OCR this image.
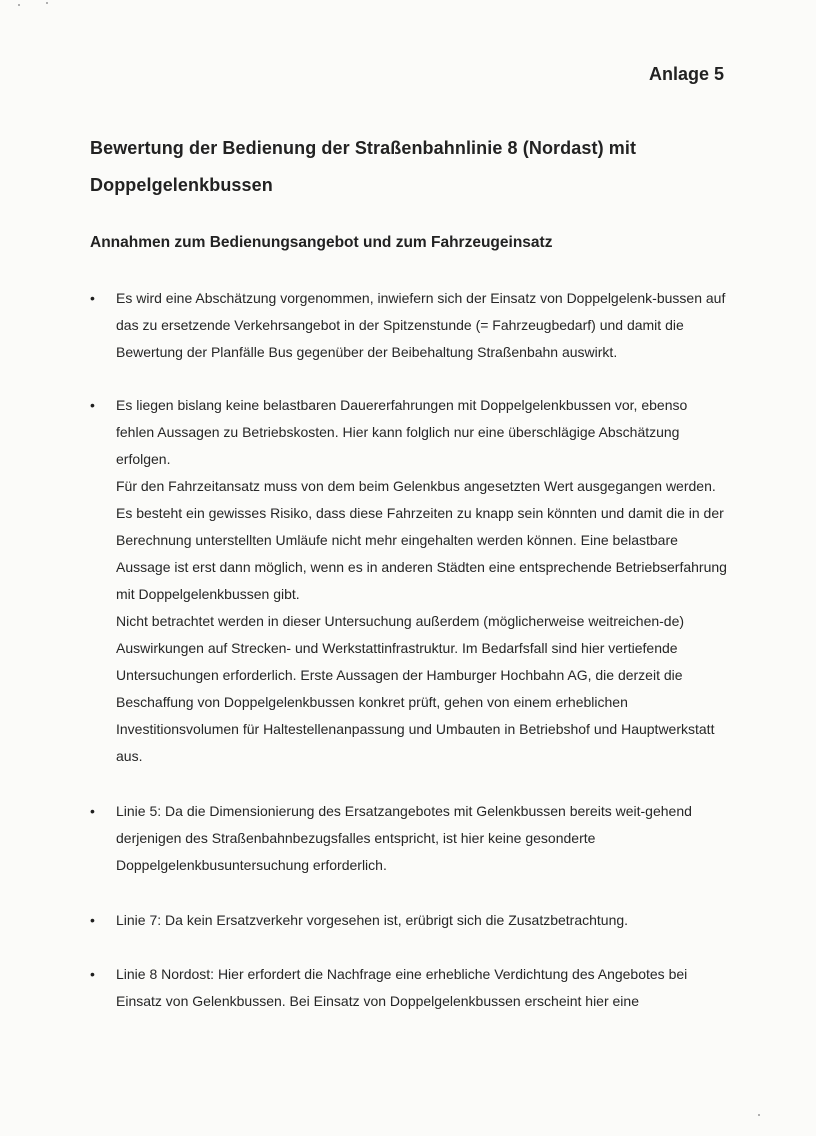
Anlage 5
Bewertung der Bedienung der Straßenbahnlinie 8 (Nordast) mit Doppelgelenkbussen
Annahmen zum Bedienungsangebot und zum Fahrzeugeinsatz
• Es wird eine Abschätzung vorgenommen, inwiefern sich der Einsatz von Doppelgelenk-bussen auf das zu ersetzende Verkehrsangebot in der Spitzenstunde (= Fahrzeugbedarf) und damit die Bewertung der Planfälle Bus gegenüber der Beibehaltung Straßenbahn auswirkt.
• Es liegen bislang keine belastbaren Dauererfahrungen mit Doppelgelenkbussen vor, ebenso fehlen Aussagen zu Betriebskosten. Hier kann folglich nur eine überschlägige Abschätzung erfolgen.
Für den Fahrzeitansatz muss von dem beim Gelenkbus angesetzten Wert ausgegangen werden. Es besteht ein gewisses Risiko, dass diese Fahrzeiten zu knapp sein könnten und damit die in der Berechnung unterstellten Umläufe nicht mehr eingehalten werden können. Eine belastbare Aussage ist erst dann möglich, wenn es in anderen Städten eine entsprechende Betriebserfahrung mit Doppelgelenkbussen gibt.
Nicht betrachtet werden in dieser Untersuchung außerdem (möglicherweise weitreichen-de) Auswirkungen auf Strecken- und Werkstattinfrastruktur. Im Bedarfsfall sind hier vertiefende Untersuchungen erforderlich. Erste Aussagen der Hamburger Hochbahn AG, die derzeit die Beschaffung von Doppelgelenkbussen konkret prüft, gehen von einem erheblichen Investitionsvolumen für Haltestellenanpassung und Umbauten in Betriebshof und Hauptwerkstatt aus.
• Linie 5: Da die Dimensionierung des Ersatzangebotes mit Gelenkbussen bereits weit-gehend derjenigen des Straßenbahnbezugsfalles entspricht, ist hier keine gesonderte Doppelgelenkbusuntersuchung erforderlich.
• Linie 7: Da kein Ersatzverkehr vorgesehen ist, erübrigt sich die Zusatzbetrachtung.
• Linie 8 Nordost: Hier erfordert die Nachfrage eine erhebliche Verdichtung des Angebotes bei Einsatz von Gelenkbussen. Bei Einsatz von Doppelgelenkbussen erscheint hier eine
